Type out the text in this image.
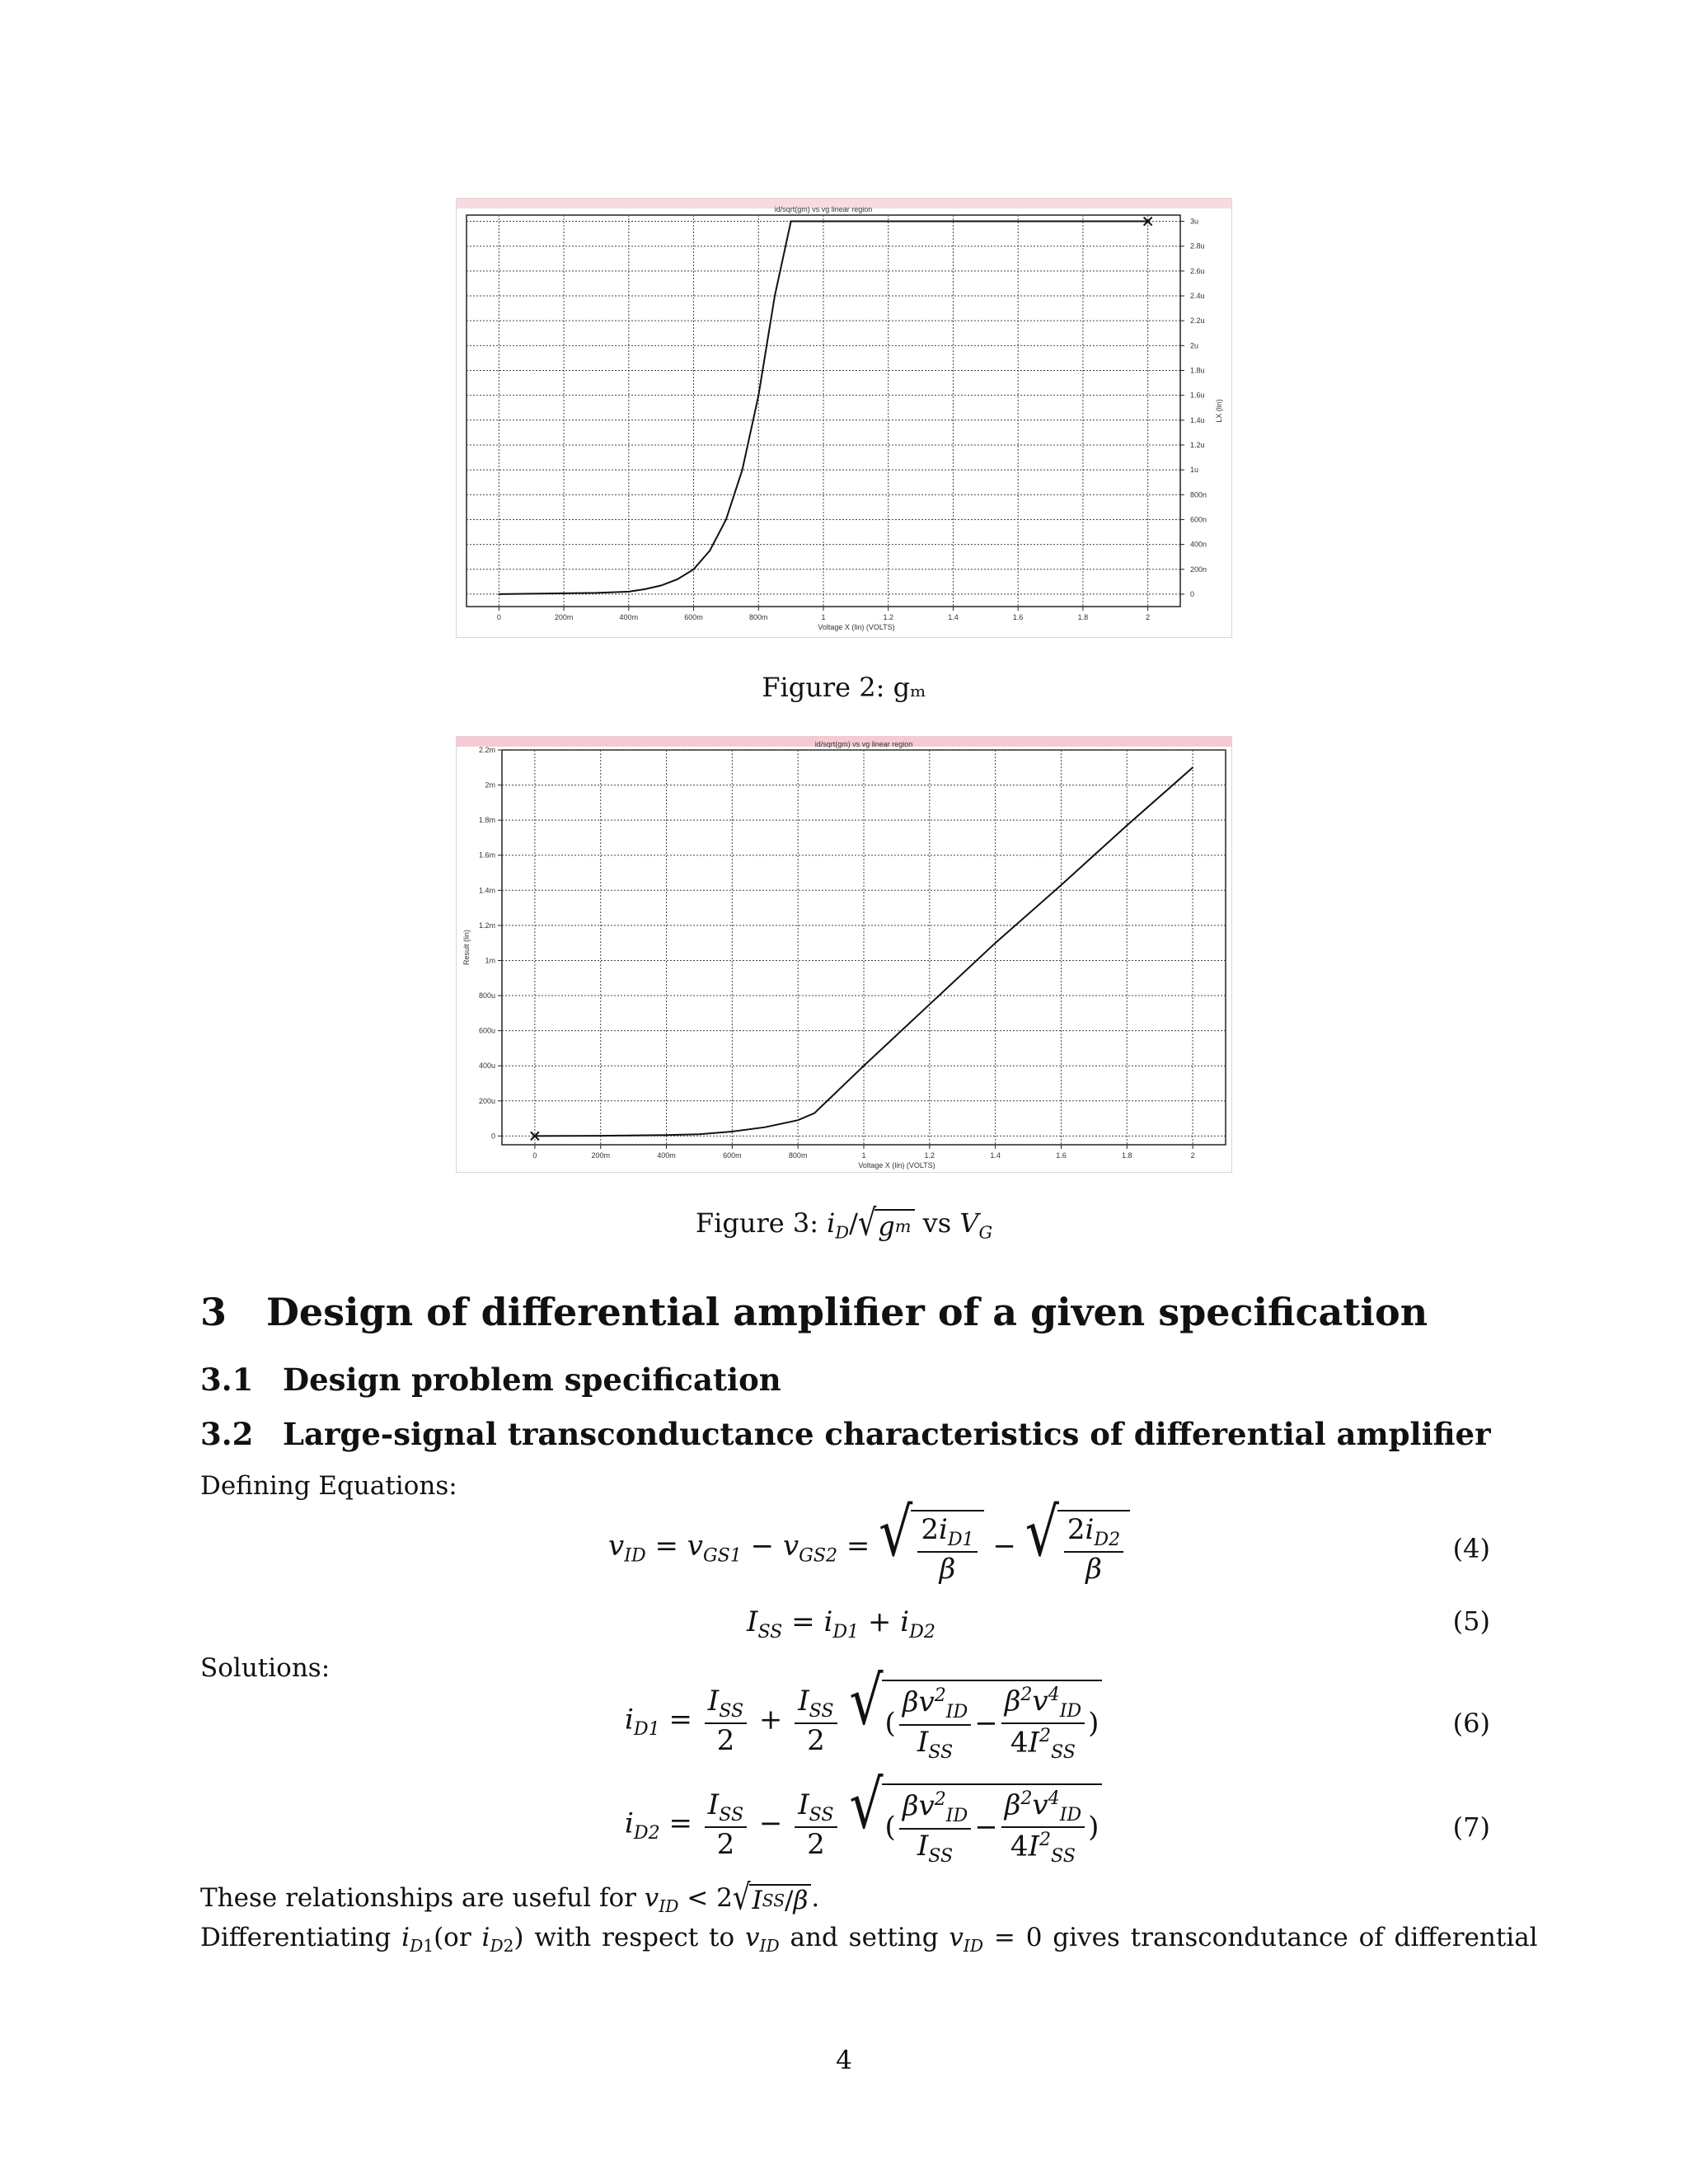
id/sqrt(gm) vs vg linear region
0	200m	400m	600m	800m	1	1.2	1.4	1.6	1.8	2
0
200n
400n
600n
800n
1u
1.2u
1.4u
1.6u
1.8u
2u
2.2u
2.4u
2.6u
2.8u
3u
Voltage X (lin) (VOLTS)
LX (lin)
Figure 2: gₘ
id/sqrt(gm) vs vg linear region
0	200m	400m	600m	800m	1	1.2	1.4	1.6	1.8	2
0
200u
400u
600u
800u
1m
1.2m
1.4m
1.6m
1.8m
2m
2.2m
Voltage X (lin) (VOLTS)
Result (lin)
Figure 3: $i_D/$ √ g m vs $V_G$
3 Design of differential amplifier of a given specification
3.1 Design problem specification
3.2 Large-signal transconductance characteristics of differential amplifier
Defining Equations:
$v_{ID} = v_{GS1} - v_{GS2}$ = √ $\frac{2i_{D1}}{\beta}$ − √ $\frac{2i_{D2}}{\beta}$	(4)
$I_{SS} = i_{D1} + i_{D2}$	(5)
Solutions:
$i_{D1} = \frac{I_{SS}}{2} + \frac{I_{SS}}{2}$
√ ( $\frac{\beta v^2_{ID}}{I_{SS}} - \frac{\beta^2v^4_{ID}}{4I^2_{SS}}$ )	(6)
$i_{D2} = \frac{I_{SS}}{2} - \frac{I_{SS}}{2}$
√ ( $\frac{\beta v^2_{ID}}{I_{SS}} - \frac{\beta^2v^4_{ID}}{4I^2_{SS}}$ )	(7)
These relationships are useful for $v_{ID} < 2$ √ I SS / β .
Differentiating $i_{D1}(or$ $i_{D2}$) with respect to $v_{ID}$ and setting $v_{ID} = 0$ gives transcondutance of differential
4
